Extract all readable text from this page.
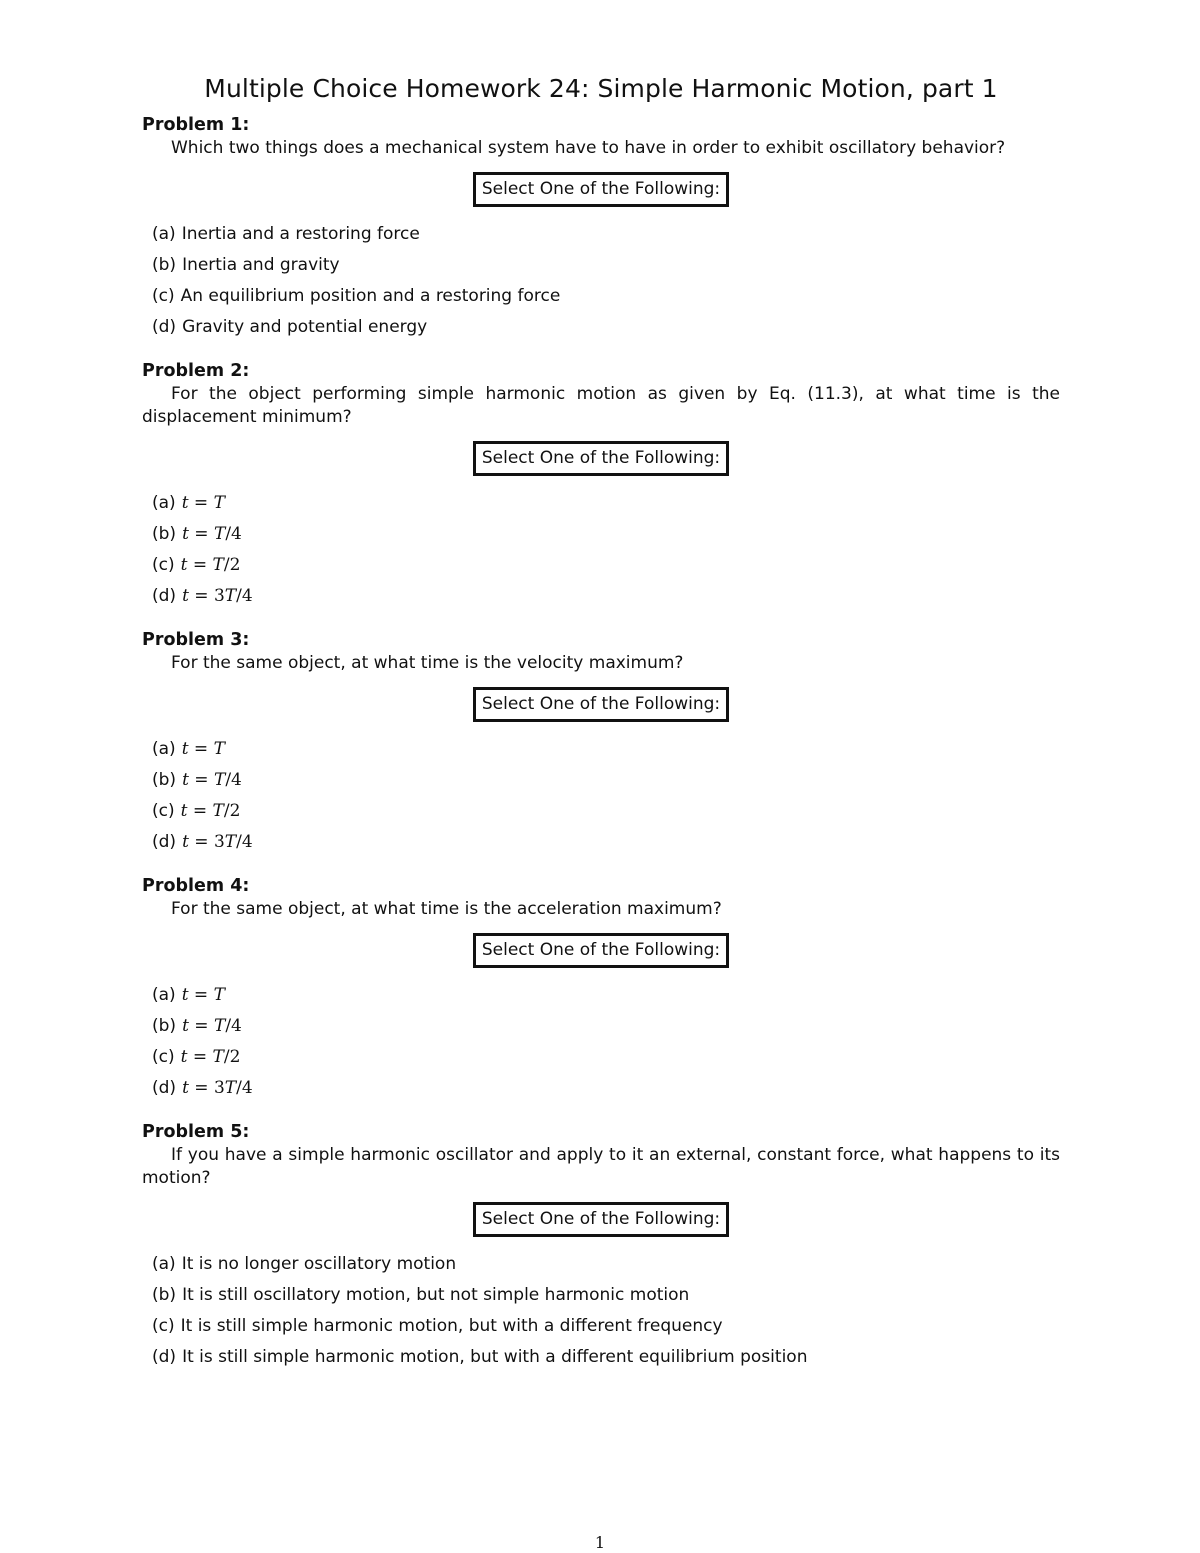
Multiple Choice Homework 24: Simple Harmonic Motion, part 1

Problem 1:

Which two things does a mechanical system have to have in order to exhibit oscillatory behavior?

Select One of the Following:
(a) Inertia and a restoring force
(b) Inertia and gravity
(c) An equilibrium position and a restoring force
(d) Gravity and potential energy

Problem 2:

For the object performing simple harmonic motion as given by Eq. (11.3), at what time is the displacement minimum?

Select One of the Following:
(a) t = T
(b) t = T/4
(c) t = T/2
(d) t = 3T/4

Problem 3:

For the same object, at what time is the velocity maximum?

Select One of the Following:
(a) t = T
(b) t = T/4
(c) t = T/2
(d) t = 3T/4

Problem 4:

For the same object, at what time is the acceleration maximum?

Select One of the Following:
(a) t = T
(b) t = T/4
(c) t = T/2
(d) t = 3T/4

Problem 5:

If you have a simple harmonic oscillator and apply to it an external, constant force, what happens to its motion?

Select One of the Following:
(a) It is no longer oscillatory motion
(b) It is still oscillatory motion, but not simple harmonic motion
(c) It is still simple harmonic motion, but with a different frequency
(d) It is still simple harmonic motion, but with a different equilibrium position
1
